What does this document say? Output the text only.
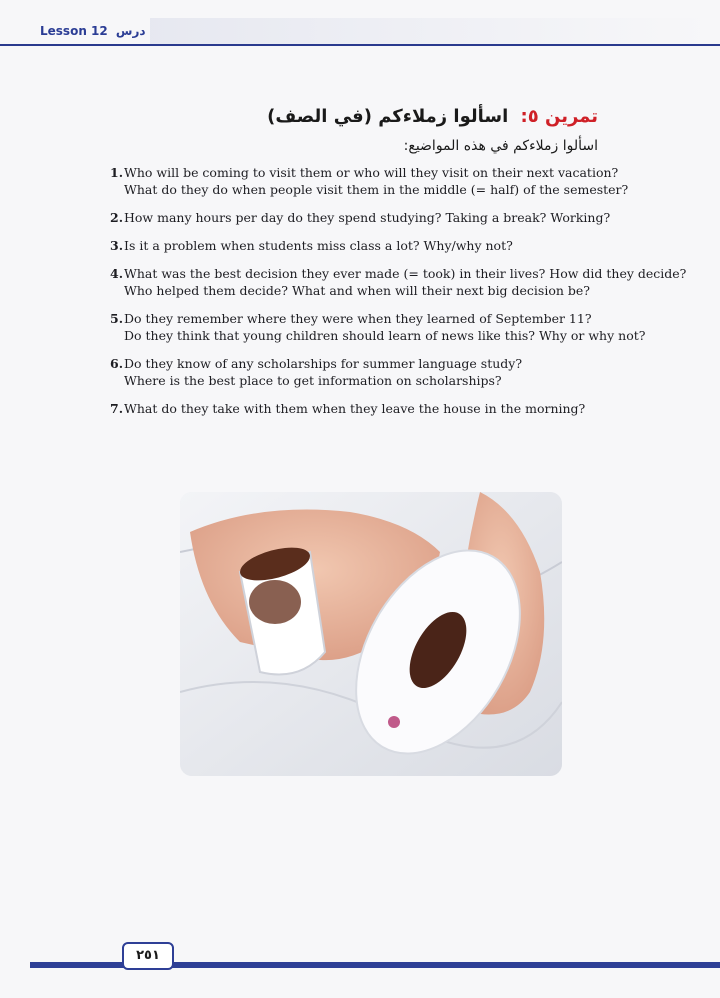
Lesson 12 درس
تمرين ٥: اسألوا زملاءكم (في الصف)
اسألوا زملاءكم في هذه المواضيع:
1. Who will be coming to visit them or who will they visit on their next vacation?
What do they do when people visit them in the middle (= half) of the semester?
2. How many hours per day do they spend studying? Taking a break? Working?
3. Is it a problem when students miss class a lot? Why/why not?
4. What was the best decision they ever made (= took) in their lives? How did they decide?
Who helped them decide? What and when will their next big decision be?
5. Do they remember where they were when they learned of September 11?
Do they think that young children should learn of news like this? Why or why not?
6. Do they know of any scholarships for summer language study?
Where is the best place to get information on scholarships?
7. What do they take with them when they leave the house in the morning?
٢٥١
